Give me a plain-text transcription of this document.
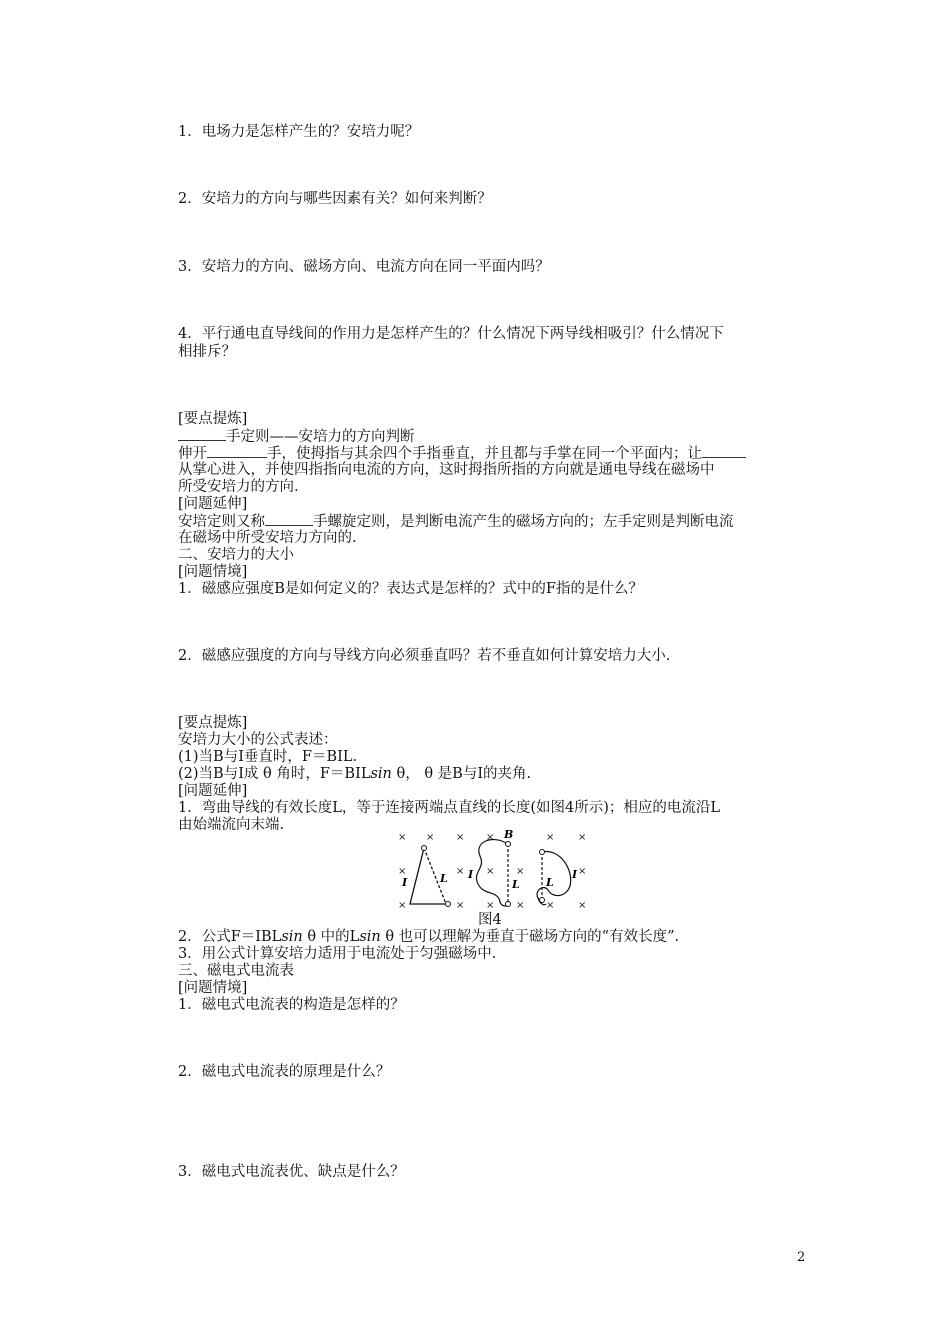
1．电场力是怎样产生的？安培力呢？
2．安培力的方向与哪些因素有关？如何来判断？
3．安培力的方向、磁场方向、电流方向在同一平面内吗？
4．平行通电直导线间的作用力是怎样产生的？什么情况下两导线相吸引？什么情况下
相排斥？
[要点提炼]
手定则——安培力的方向判断
伸开	手，使拇指与其余四个手指垂直，并且都与手掌在同一个平面内；让
从掌心进入，并使四指指向电流的方向，这时拇指所指的方向就是通电导线在磁场中
所受安培力的方向.
[问题延伸]
安培定则又称	手螺旋定则，是判断电流产生的磁场方向的；左手定则是判断电流
在磁场中所受安培力方向的.
二、安培力的大小
[问题情境]
1．磁感应强度B是如何定义的？表达式是怎样的？式中的F指的是什么？
2．磁感应强度的方向与导线方向必须垂直吗？若不垂直如何计算安培力大小.
[要点提炼]
安培力大小的公式表述：
(1)当B与I垂直时，F＝BIL.
(2)当B与I成 θ 角时，F＝BILsin θ， θ 是B与I的夹角.
[问题延伸]
1．弯曲导线的有效长度L，等于连接两端点直线的长度(如图4所示)；相应的电流沿L
由始端流向末端.
× × × ×	× ×
×	× × ×	×
×	× × × × ×
I	L
B
I
L L
I
图4
2．公式F＝IBLsin θ 中的Lsin θ 也可以理解为垂直于磁场方向的“有效长度”.
3．用公式计算安培力适用于电流处于匀强磁场中.
三、磁电式电流表
[问题情境]
1．磁电式电流表的构造是怎样的？
2．磁电式电流表的原理是什么？
3．磁电式电流表优、缺点是什么？
2
